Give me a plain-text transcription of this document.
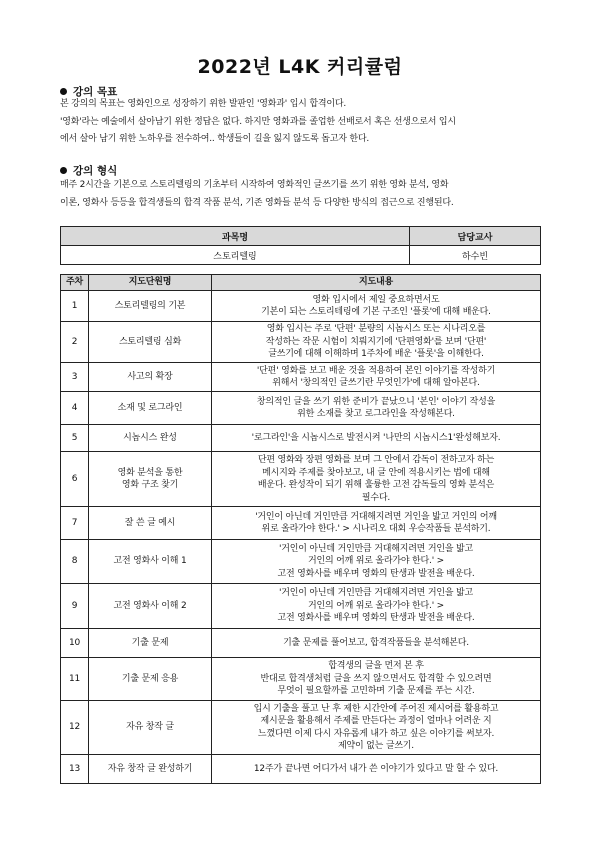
2022년 L4K 커리큘럼
강의 목표
본 강의의 목표는 영화인으로 성장하기 위한 발판인 '영화과' 입시 합격이다.
'영화'라는 예술에서 살아남기 위한 정답은 없다. 하지만 영화과를 졸업한 선배로서 혹은 선생으로서 입시
에서 살아 남기 위한 노하우를 전수하여.. 학생들이 길을 잃지 않도록 돕고자 한다.
강의 형식
매주 2시간을 기본으로 스토리텔링의 기초부터 시작하여 영화적인 글쓰기를 쓰기 위한 영화 분석, 영화
이론, 영화사 등등을 합격생들의 합격 작품 분석, 기존 영화들 분석 등 다양한 방식의 접근으로 진행된다.
과목명	담당교사
스토리텔링	하수빈
주차	지도단원명	지도내용
1	스토리텔링의 기본	영화 입시에서 제일 중요하면서도
기본이 되는 스토리테링에 기본 구조인 '플롯'에 대해 배운다.
2	스토리텔링 심화	영화 입시는 주로 '단편' 분량의 시놉시스 또는 시나리오를
작성하는 작문 시험이 치뤄지기에 '단편영화'를 보며 '단편'
글쓰기에 대해 이해하며 1주차에 배운 '플롯'을 이해한다.
3	사고의 확장	'단편' 영화를 보고 배운 것을 적용하여 본인 이야기를 작성하기
위해서 '창의적인 글쓰기란 무엇인가'에 대해 알아본다.
4	소재 및 로그라인	창의적인 글을 쓰기 위한 준비가 끝났으니 '본인' 이야기 작성을
위한 소재를 찾고 로그라인을 작성해본다.
5	시놉시스 완성	'로그라인'을 시놉시스로 발전시켜 '나만의 시놉시스1'완성해보자.
6	영화 분석을 통한
영화 구조 찾기	단편 영화와 장편 영화를 보며 그 안에서 감독이 전하고자 하는
메시지와 주제를 찾아보고, 내 글 안에 적용시키는 법에 대해
배운다. 완성작이 되기 위해 훌륭한 고전 감독들의 영화 분석은
필수다.
7	잘 쓴 글 예시	'거인이 아닌데 거인만큼 거대해지려면 거인을 밟고 거인의 어깨
위로 올라가야 한다.' > 시나리오 대회 우승작품들 분석하기.
8	고전 영화사 이해 1	'거인이 아닌데 거인만큼 거대해지려면 거인을 밟고
거인의 어깨 위로 올라가야 한다.' >
고전 영화사를 배우며 영화의 탄생과 발전을 배운다.
9	고전 영화사 이해 2	'거인이 아닌데 거인만큼 거대해지려면 거인을 밟고
거인의 어깨 위로 올라가야 한다.' >
고전 영화사를 배우며 영화의 탄생과 발전을 배운다.
10	기출 문제	기출 문제를 풀어보고, 합격작품들을 분석해본다.
11	기출 문제 응용	합격생의 글을 먼저 본 후
반대로 합격생처럼 글을 쓰지 않으면서도 합격할 수 있으려면
무엇이 필요할까를 고민하며 기출 문제를 푸는 시간.
12	자유 창작 글	입시 기출을 풀고 난 후 제한 시간안에 주어진 제시어를 활용하고
제시문을 활용해서 주제를 만든다는 과정이 얼마나 어려운 지
느꼈다면 이제 다시 자유롭게 내가 하고 싶은 이야기를 써보자.
제약이 없는 글쓰기.
13	자유 창작 글 완성하기	12주가 끝나면 어디가서 내가 쓴 이야기가 있다고 말 할 수 있다.
